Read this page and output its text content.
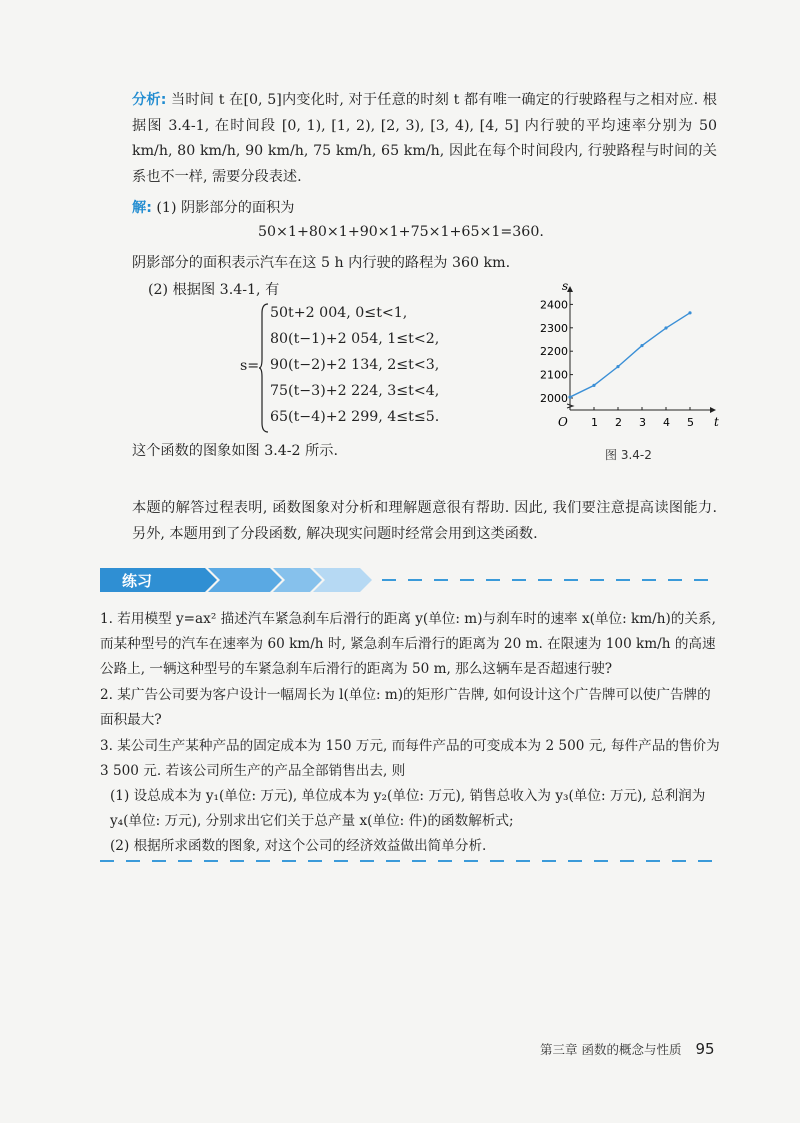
分析: 当时间 t 在[0, 5]内变化时, 对于任意的时刻 t 都有唯一确定的行驶路程与之相对应. 根据图 3.4-1, 在时间段 [0, 1), [1, 2), [2, 3), [3, 4), [4, 5] 内行驶的平均速率分别为 50 km/h, 80 km/h, 90 km/h, 75 km/h, 65 km/h, 因此在每个时间段内, 行驶路程与时间的关系也不一样, 需要分段表述.
解: (1) 阴影部分的面积为
50×1+80×1+90×1+75×1+65×1=360.
阴影部分的面积表示汽车在这 5 h 内行驶的路程为 360 km.
(2) 根据图 3.4-1, 有
s=
50t+2 004, 0≤t<1,
80(t−1)+2 054, 1≤t<2,
90(t−2)+2 134, 2≤t<3,
75(t−3)+2 224, 3≤t<4,
65(t−4)+2 299, 4≤t≤5.
这个函数的图象如图 3.4-2 所示.
t
s
O 1 2 3 4 5
2000
2100
2200
2300
2400
图 3.4-2
本题的解答过程表明, 函数图象对分析和理解题意很有帮助. 因此, 我们要注意提高读图能力. 另外, 本题用到了分段函数, 解决现实问题时经常会用到这类函数.
练习
1. 若用模型 y=ax² 描述汽车紧急刹车后滑行的距离 y(单位: m)与刹车时的速率 x(单位: km/h)的关系, 而某种型号的汽车在速率为 60 km/h 时, 紧急刹车后滑行的距离为 20 m. 在限速为 100 km/h 的高速公路上, 一辆这种型号的车紧急刹车后滑行的距离为 50 m, 那么这辆车是否超速行驶?
2. 某广告公司要为客户设计一幅周长为 l(单位: m)的矩形广告牌, 如何设计这个广告牌可以使广告牌的面积最大?
3. 某公司生产某种产品的固定成本为 150 万元, 而每件产品的可变成本为 2 500 元, 每件产品的售价为 3 500 元. 若该公司所生产的产品全部销售出去, 则
(1) 设总成本为 y₁(单位: 万元), 单位成本为 y₂(单位: 万元), 销售总收入为 y₃(单位: 万元), 总利润为 y₄(单位: 万元), 分别求出它们关于总产量 x(单位: 件)的函数解析式;
(2) 根据所求函数的图象, 对这个公司的经济效益做出简单分析.
第三章 函数的概念与性质 95
